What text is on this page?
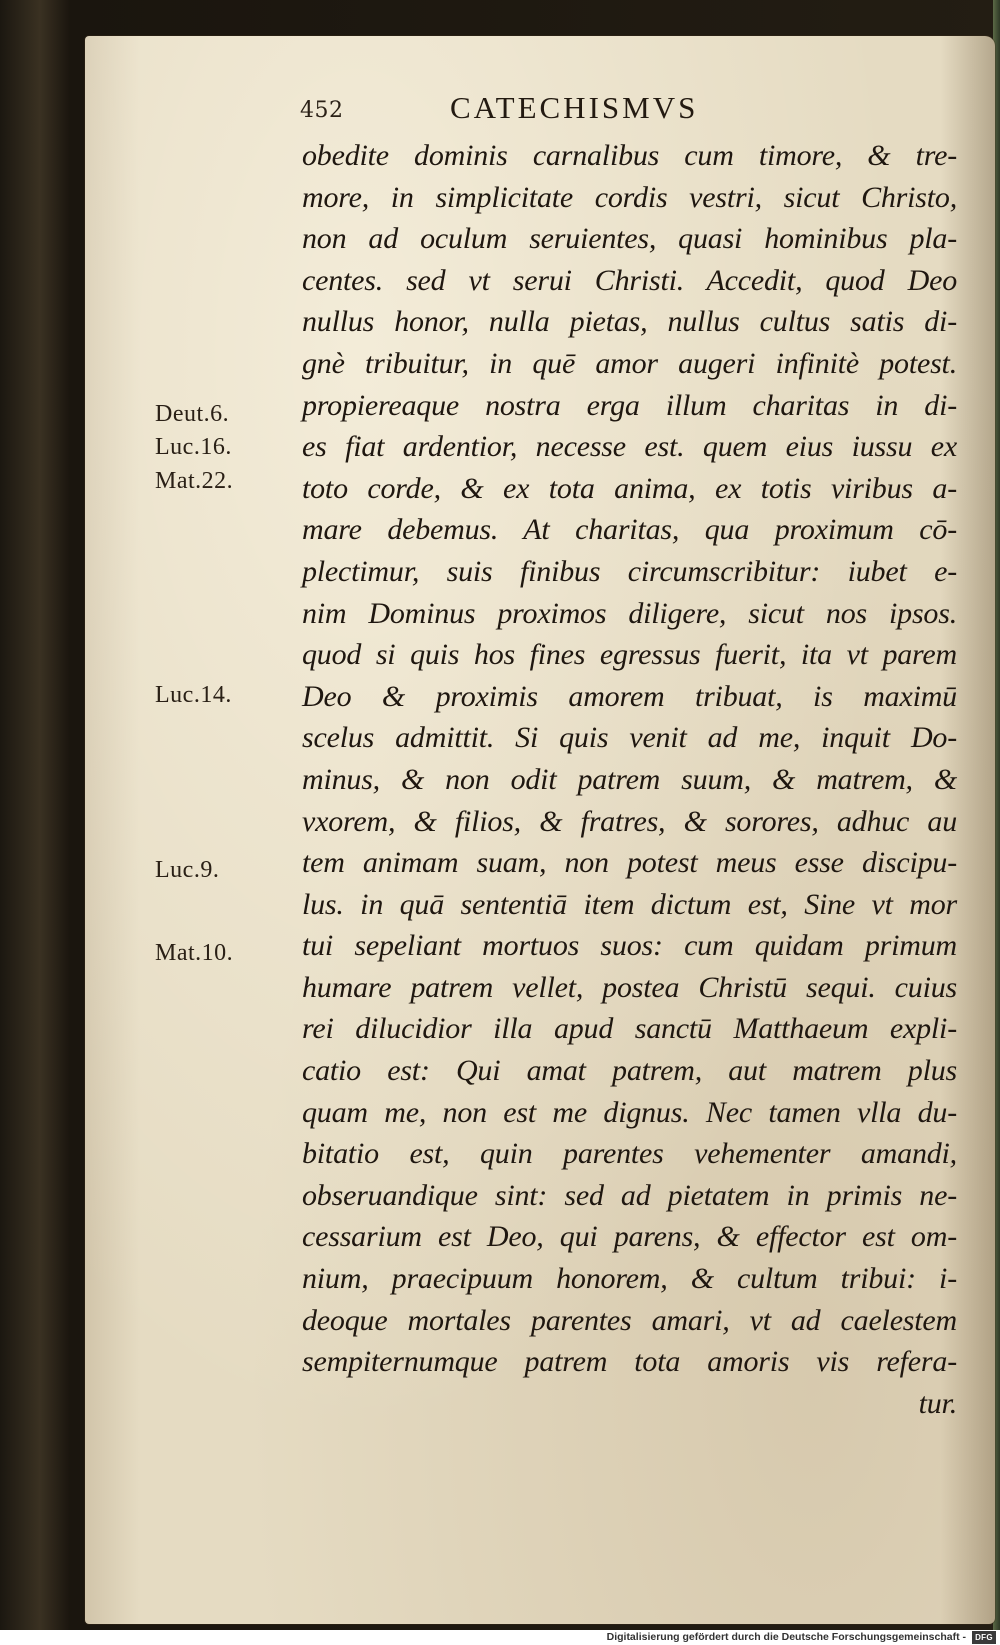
452	CATECHISMVS
obedite dominis carnalibus cum timore, & tre-
more, in simplicitate cordis vestri, sicut Christo,
non ad oculum seruientes, quasi hominibus pla-
centes. sed vt serui Christi. Accedit, quod Deo
nullus honor, nulla pietas, nullus cultus satis di-
gnè tribuitur, in quē amor augeri infinitè potest.
propiereaque nostra erga illum charitas in di-
es fiat ardentior, necesse est. quem eius iussu ex
toto corde, & ex tota anima, ex totis viribus a-
mare debemus. At charitas, qua proximum cō-
plectimur, suis finibus circumscribitur: iubet e-
nim Dominus proximos diligere, sicut nos ipsos.
quod si quis hos fines egressus fuerit, ita vt parem
Deo & proximis amorem tribuat, is maximū
scelus admittit. Si quis venit ad me, inquit Do-
minus, & non odit patrem suum, & matrem, &
vxorem, & filios, & fratres, & sorores, adhuc au
tem animam suam, non potest meus esse discipu-
lus. in quā sententiā item dictum est, Sine vt mor
tui sepeliant mortuos suos: cum quidam primum
humare patrem vellet, postea Christū sequi. cuius
rei dilucidior illa apud sanctū Matthaeum expli-
catio est: Qui amat patrem, aut matrem plus
quam me, non est me dignus. Nec tamen vlla du-
bitatio est, quin parentes vehementer amandi,
obseruandique sint: sed ad pietatem in primis ne-
cessarium est Deo, qui parens, & effector est om-
nium, praecipuum honorem, & cultum tribui: i-
deoque mortales parentes amari, vt ad caelestem
sempiternumque patrem tota amoris vis refera-
tur.
Deut.6.
Luc.16.
Mat.22.
Luc.14.
Luc.9.
Mat.10.
Digitalisierung gefördert durch die Deutsche Forschungsgemeinschaft -	DFG
